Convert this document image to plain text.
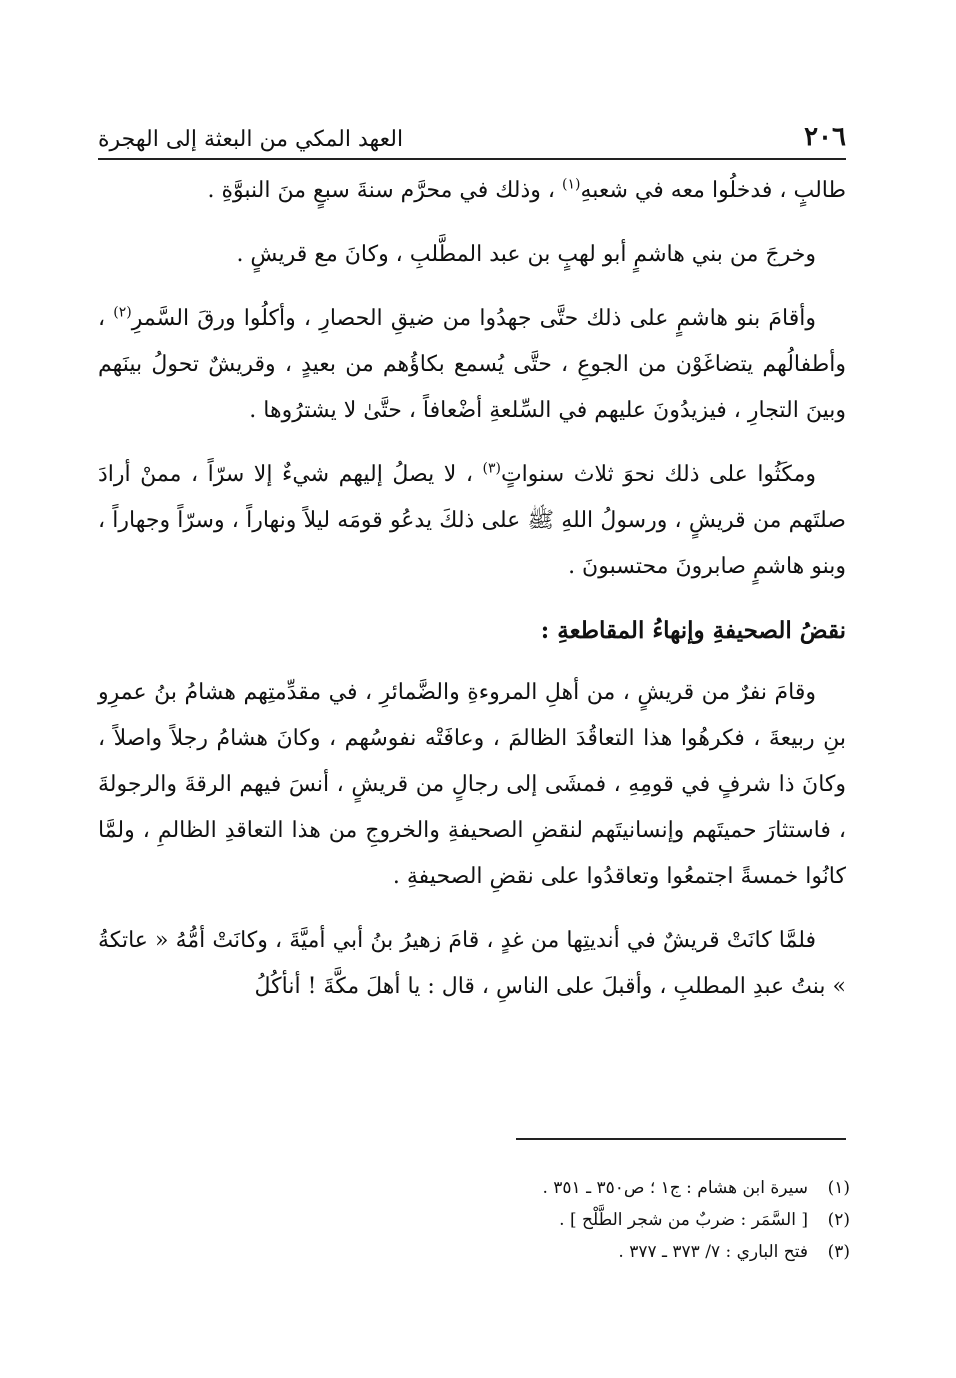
٢٠٦
العهد المكي من البعثة إلى الهجرة

طالبٍ ، فدخلُوا معه في شعبهِ$^{(١)}$ ، وذلك في محرَّم سنةَ سبعٍ منَ النبوَّةِ .

وخرجَ من بني هاشمٍ أبو لهبٍ بن عبد المطَّلبِ ، وكانَ مع قريشٍ .

وأقامَ بنو هاشمٍ على ذلك حتَّى جهدُوا من ضيقِ الحصارِ ، وأكلُوا ورقَ السَّمرِ$^{(٢)}$ ، وأطفالُهم يتضاغَوْن من الجوعِ ، حتَّى يُسمع بكاؤُهم من بعيدٍ ، وقريشٌ تحولُ بينَهم وبينَ التجارِ ، فيزيدُونَ عليهم في السِّلعةِ أضْعافاً ، حتَّىٰ لا يشترُوها .

ومكَثُوا على ذلك نحوَ ثلاث سنواتٍ$^{(٣)}$ ، لا يصلُ إليهم شيءٌ إلا سرّاً ، ممنْ أرادَ صلتَهم من قريشٍ ، ورسولُ اللهِ ﷺ على ذلكَ يدعُو قومَه ليلاً ونهاراً ، وسرّاً وجهاراً ، وبنو هاشمٍ صابرونَ محتسبونَ .

نقضُ الصحيفةِ وإنهاءُ المقاطعةِ :

وقامَ نفرٌ من قريشٍ ، من أهلِ المروءةِ والضَّمائرِ ، في مقدِّمتِهم هشامُ بنُ عمرِو بنِ ربيعةَ ، فكرهُوا هذا التعاقُدَ الظالمَ ، وعافَتْه نفوسُهم ، وكانَ هشامُ رجلاً واصلاً ، وكانَ ذا شرفٍ في قومِهِ ، فمشَى إلى رجالٍ من قريشٍ ، أنسَ فيهم الرقةَ والرجولةَ ، فاستثارَ حميتَهم وإنسانيتَهم لنقضِ الصحيفةِ والخروجِ من هذا التعاقدِ الظالمِ ، ولمَّا كانُوا خمسةً اجتمعُوا وتعاقدُوا على نقضِ الصحيفةِ .

فلمَّا كانَتْ قريشٌ في أنديتِها من غدٍ ، قامَ زهيرُ بنُ أبي أميَّةَ ، وكانَتْ أمُّهُ « عاتكةُ » بنتُ عبدِ المطلبِ ، وأقبلَ على الناسِ ، قال : يا أهلَ مكَّةَ ! أنأكُلُ

(١)
سيرة ابن هشام : ج١ ؛ ص٣٥٠ ـ ٣٥١ .
(٢)
[ السَّمَر : ضربٌ من شجر الطَّلْح ] .
(٣)
فتح الباري : ٧/ ٣٧٣ ـ ٣٧٧ .
